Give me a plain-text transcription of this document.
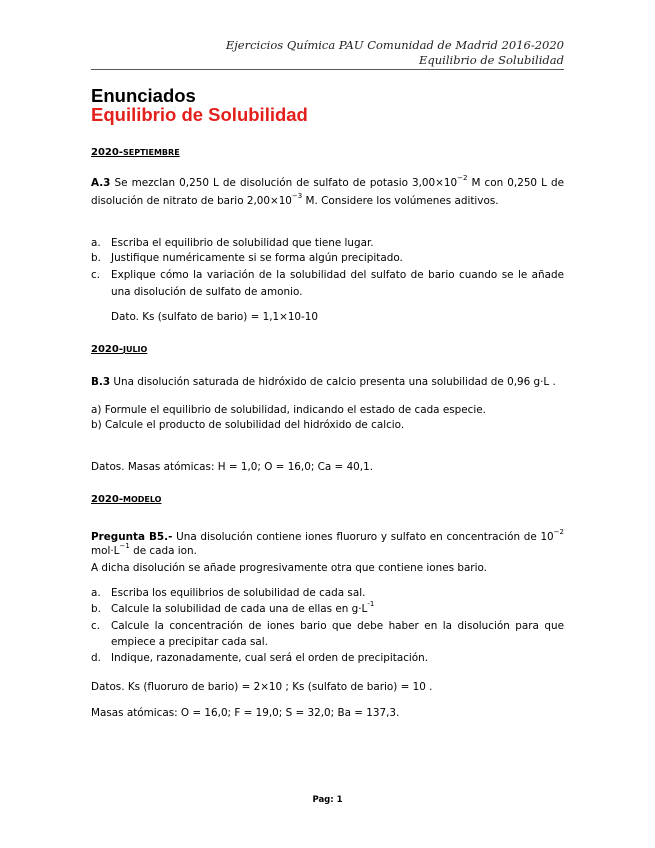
Ejercicios Química PAU Comunidad de Madrid 2016-2020
Equilibrio de Solubilidad
Enunciados
Equilibrio de Solubilidad
2020-SEPTIEMBRE
A.3 Se mezclan 0,250 L de disolución de sulfato de potasio $3,00\times 10^{-2}$ M con 0,250 L de disolución de nitrato de bario $2,00\times 10^{-3}$ M. Considere los volúmenes aditivos.
a. Escriba el equilibrio de solubilidad que tiene lugar.
b. Justifique numéricamente si se forma algún precipitado.
c. Explique cómo la variación de la solubilidad del sulfato de bario cuando se le añade una disolución de sulfato de amonio.
Dato. Ks (sulfato de bario) = 1,1×10-10
2020-JULIO
B.3 Una disolución saturada de hidróxido de calcio presenta una solubilidad de 0,96 g·L .
a) Formule el equilibrio de solubilidad, indicando el estado de cada especie.
b) Calcule el producto de solubilidad del hidróxido de calcio.
Datos. Masas atómicas: H = 1,0; O = 16,0; Ca = 40,1.
2020-MODELO
Pregunta B5.- Una disolución contiene iones fluoruro y sulfato en concentración de $10^{-2}$ $mol\cdot L^{-1}$ de cada ion.
A dicha disolución se añade progresivamente otra que contiene iones bario.
a. Escriba los equilibrios de solubilidad de cada sal.
b. Calcule la solubilidad de cada una de ellas en $g\cdot L^{-1}$
c. Calcule la concentración de iones bario que debe haber en la disolución para que empiece a precipitar cada sal.
d. Indique, razonadamente, cual será el orden de precipitación.
Datos. Ks (fluoruro de bario) = 2×10 ; Ks (sulfato de bario) = 10 .
Masas atómicas: O = 16,0; F = 19,0; S = 32,0; Ba = 137,3.
Pag: 1
